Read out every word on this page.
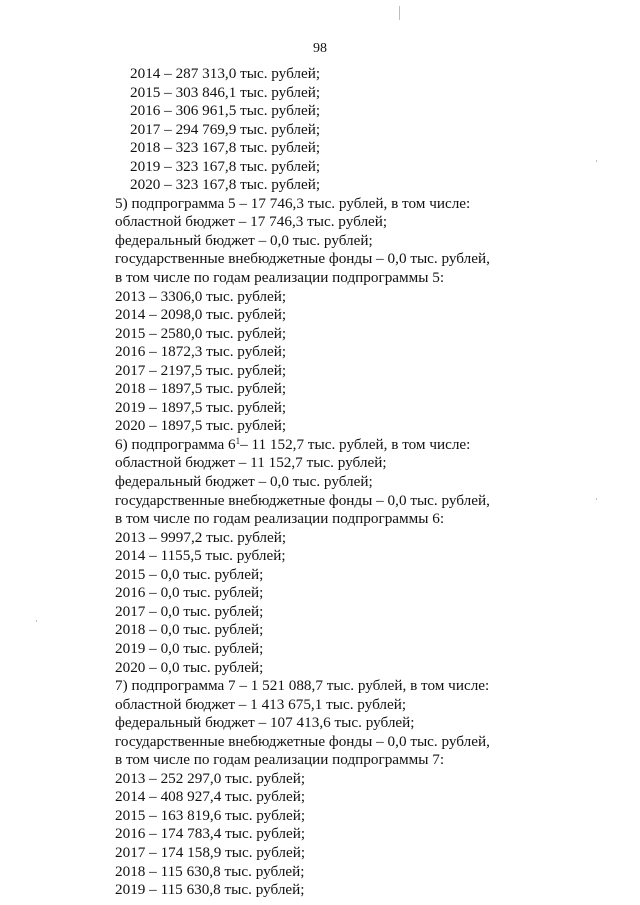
98
2014 – 287 313,0 тыс. рублей;
2015 – 303 846,1 тыс. рублей;
2016 – 306 961,5 тыс. рублей;
2017 – 294 769,9 тыс. рублей;
2018 – 323 167,8 тыс. рублей;
2019 – 323 167,8 тыс. рублей;
2020 – 323 167,8 тыс. рублей;
5) подпрограмма 5 – 17 746,3 тыс. рублей, в том числе:
областной бюджет – 17 746,3 тыс. рублей;
федеральный бюджет – 0,0 тыс. рублей;
государственные внебюджетные фонды – 0,0 тыс. рублей,
в том числе по годам реализации подпрограммы 5:
2013 – 3306,0 тыс. рублей;
2014 – 2098,0 тыс. рублей;
2015 – 2580,0 тыс. рублей;
2016 – 1872,3 тыс. рублей;
2017 – 2197,5 тыс. рублей;
2018 – 1897,5 тыс. рублей;
2019 – 1897,5 тыс. рублей;
2020 – 1897,5 тыс. рублей;
6) подпрограмма $6^1-$ 11 152,7 тыс. рублей, в том числе:
областной бюджет – 11 152,7 тыс. рублей;
федеральный бюджет – 0,0 тыс. рублей;
государственные внебюджетные фонды – 0,0 тыс. рублей,
в том числе по годам реализации подпрограммы 6:
2013 – 9997,2 тыс. рублей;
2014 – 1155,5 тыс. рублей;
2015 – 0,0 тыс. рублей;
2016 – 0,0 тыс. рублей;
2017 – 0,0 тыс. рублей;
2018 – 0,0 тыс. рублей;
2019 – 0,0 тыс. рублей;
2020 – 0,0 тыс. рублей;
7) подпрограмма 7 – 1 521 088,7 тыс. рублей, в том числе:
областной бюджет – 1 413 675,1 тыс. рублей;
федеральный бюджет – 107 413,6 тыс. рублей;
государственные внебюджетные фонды – 0,0 тыс. рублей,
в том числе по годам реализации подпрограммы 7:
2013 – 252 297,0 тыс. рублей;
2014 – 408 927,4 тыс. рублей;
2015 – 163 819,6 тыс. рублей;
2016 – 174 783,4 тыс. рублей;
2017 – 174 158,9 тыс. рублей;
2018 – 115 630,8 тыс. рублей;
2019 – 115 630,8 тыс. рублей;
